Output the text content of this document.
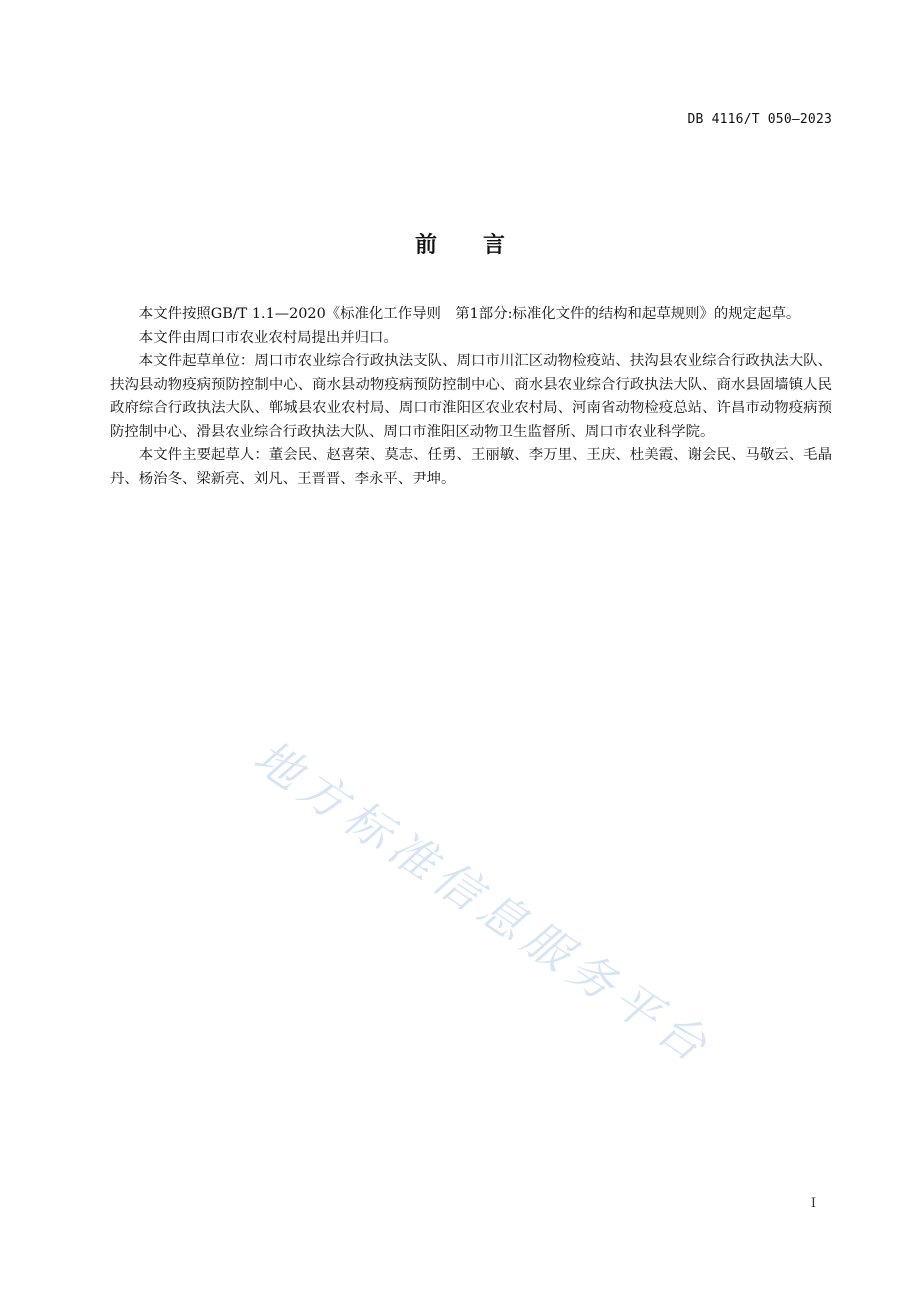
DB 4116/T 050—2023
前言

本文件按照GB/T 1.1—2020《标准化工作导则　第1部分:标准化文件的结构和起草规则》的规定起草。

本文件由周口市农业农村局提出并归口。

本文件起草单位：周口市农业综合行政执法支队、周口市川汇区动物检疫站、扶沟县农业综合行政执法大队、扶沟县动物疫病预防控制中心、商水县动物疫病预防控制中心、商水县农业综合行政执法大队、商水县固墙镇人民政府综合行政执法大队、郸城县农业农村局、周口市淮阳区农业农村局、河南省动物检疫总站、许昌市动物疫病预防控制中心、滑县农业综合行政执法大队、周口市淮阳区动物卫生监督所、周口市农业科学院。

本文件主要起草人：董会民、赵喜荣、莫志、任勇、王丽敏、李万里、王庆、杜美霞、谢会民、马敬云、毛晶丹、杨治冬、梁新亮、刘凡、王晋晋、李永平、尹坤。

地方标准信息服务平台
I
